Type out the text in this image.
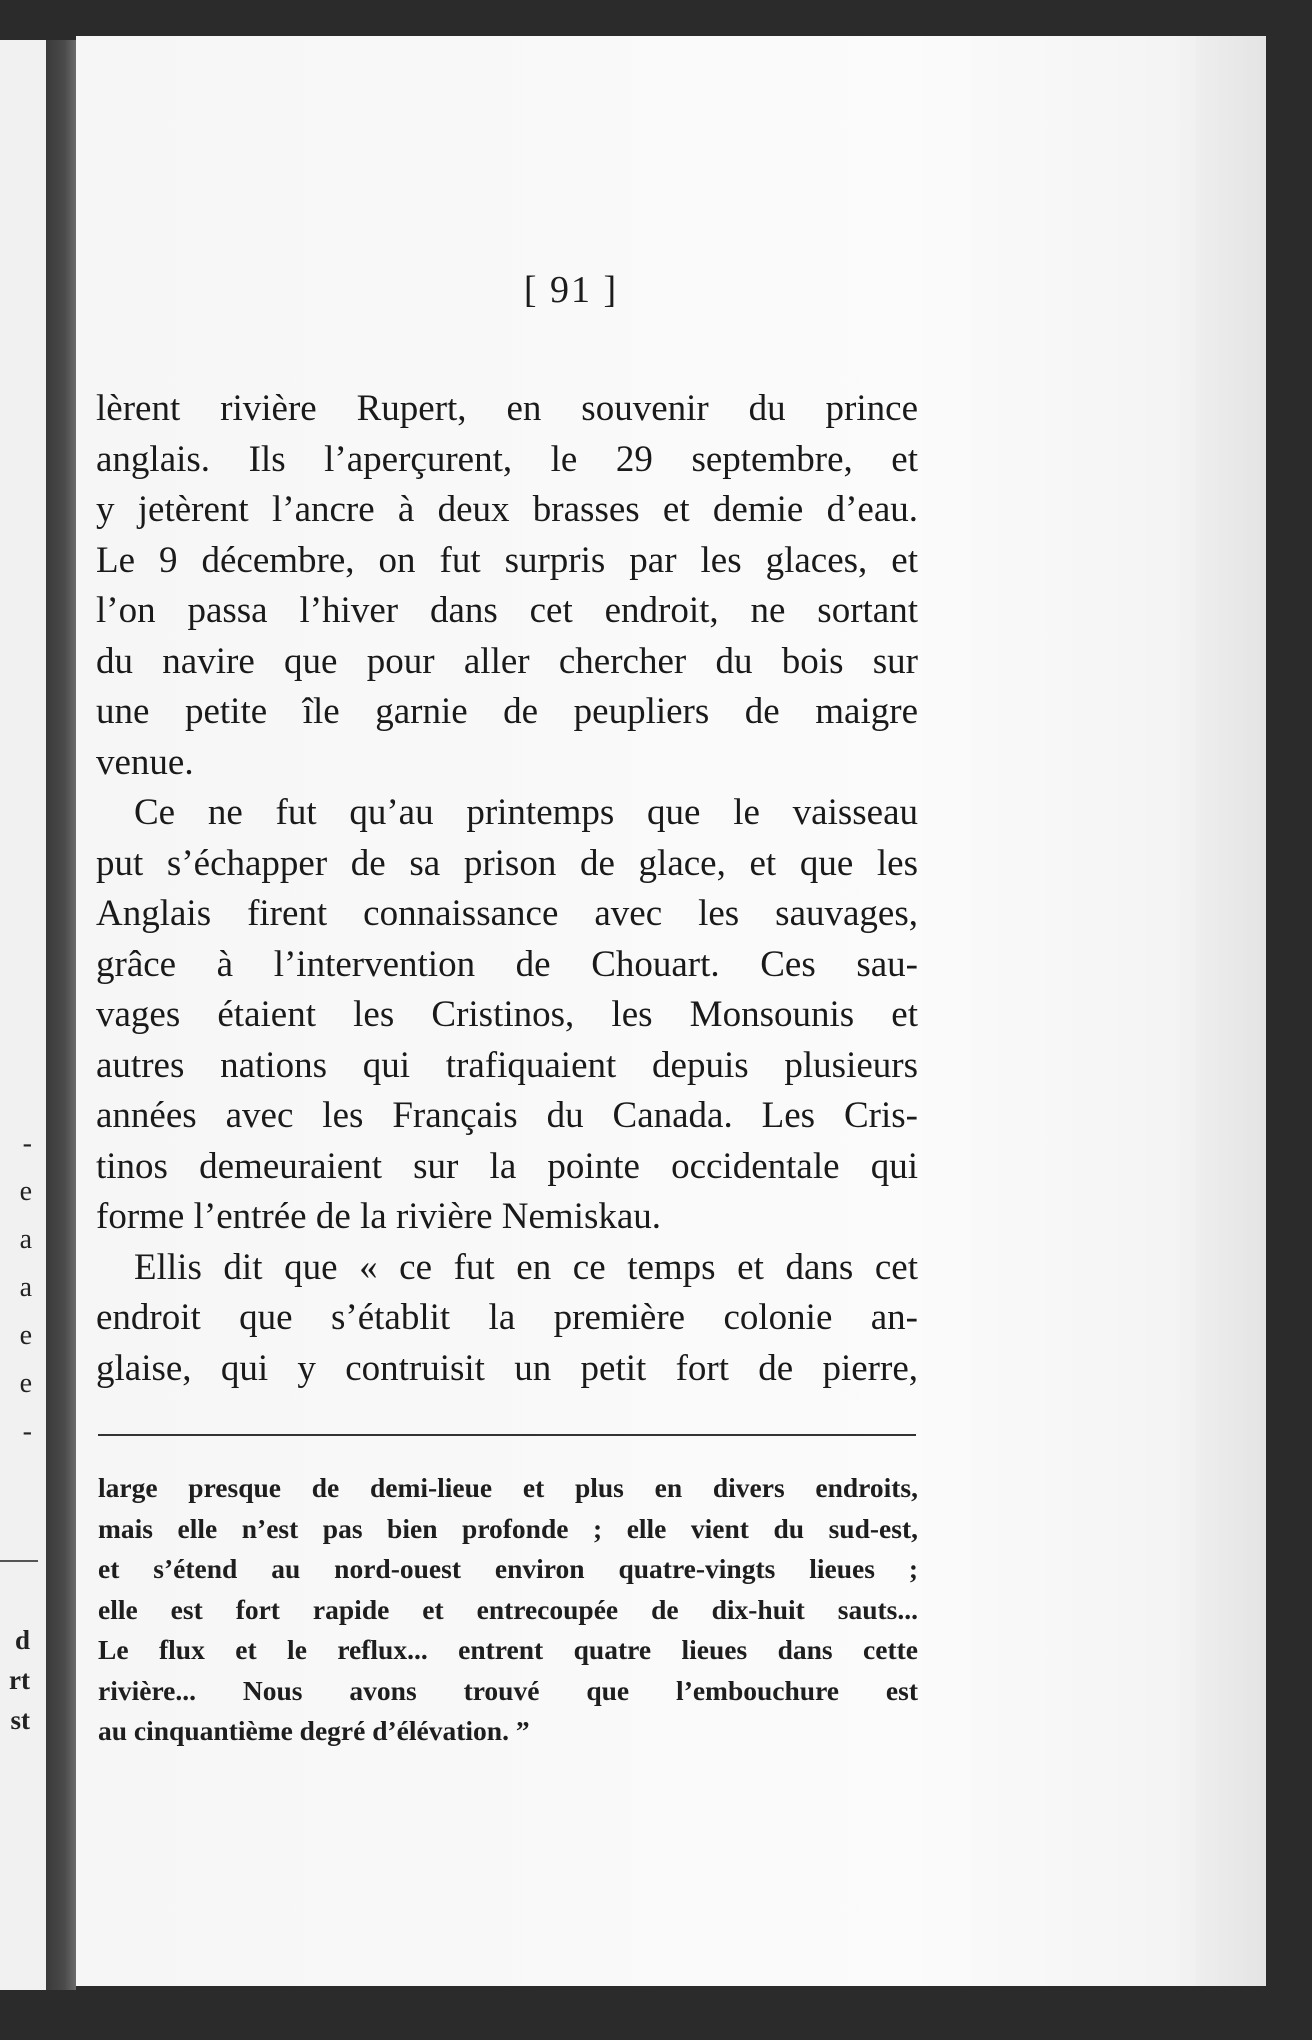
-
e
a
a
e
e
-
d
rt
st
[ 91 ]
lèrent rivière Rupert, en souvenir du prince
anglais. Ils l’aperçurent, le 29 septembre, et
y jetèrent l’ancre à deux brasses et demie d’eau.
Le 9 décembre, on fut surpris par les glaces, et
l’on passa l’hiver dans cet endroit, ne sortant
du navire que pour aller chercher du bois sur
une petite île garnie de peupliers de maigre
venue.
Ce ne fut qu’au printemps que le vaisseau
put s’échapper de sa prison de glace, et que les
Anglais firent connaissance avec les sauvages,
grâce à l’intervention de Chouart. Ces sau-
vages étaient les Cristinos, les Monsounis et
autres nations qui trafiquaient depuis plusieurs
années avec les Français du Canada. Les Cris-
tinos demeuraient sur la pointe occidentale qui
forme l’entrée de la rivière Nemiskau.
Ellis dit que « ce fut en ce temps et dans cet
endroit que s’établit la première colonie an-
glaise, qui y contruisit un petit fort de pierre,
large presque de demi-lieue et plus en divers endroits,
mais elle n’est pas bien profonde ; elle vient du sud-est,
et s’étend au nord-ouest environ quatre-vingts lieues ;
elle est fort rapide et entrecoupée de dix-huit sauts...
Le flux et le reflux... entrent quatre lieues dans cette
rivière... Nous avons trouvé que l’embouchure est
au cinquantième degré d’élévation. ”
